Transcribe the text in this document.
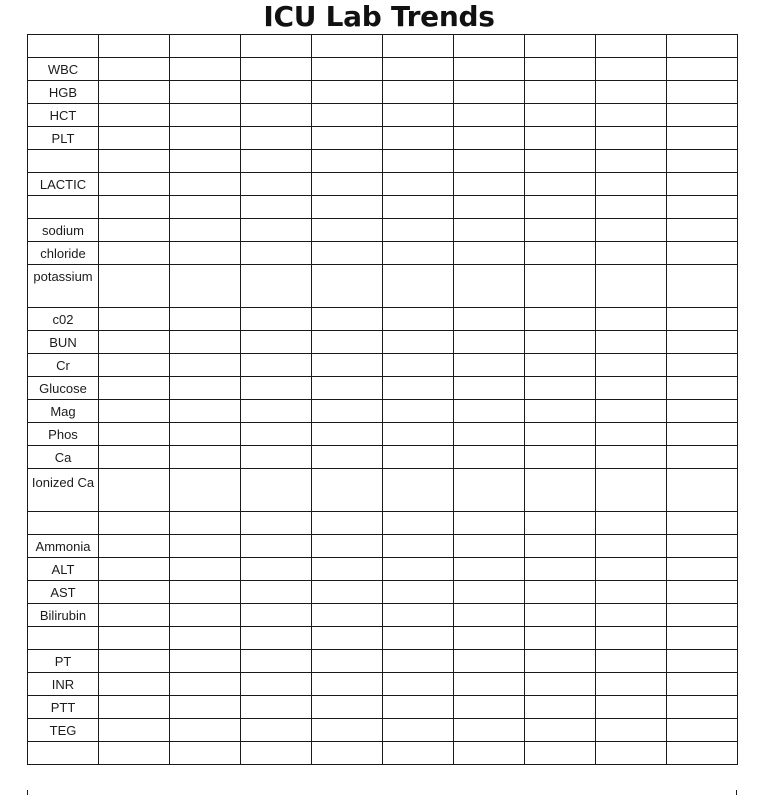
ICU Lab Trends

WBC									
HGB									
HCT									
PLT									

LACTIC									

sodium									
chloride									
potassium									
c02									
BUN									
Cr									
Glucose									
Mag									
Phos									
Ca									
Ionized Ca									

Ammonia									
ALT									
AST									
Bilirubin									

PT									
INR									
PTT									
TEG									
